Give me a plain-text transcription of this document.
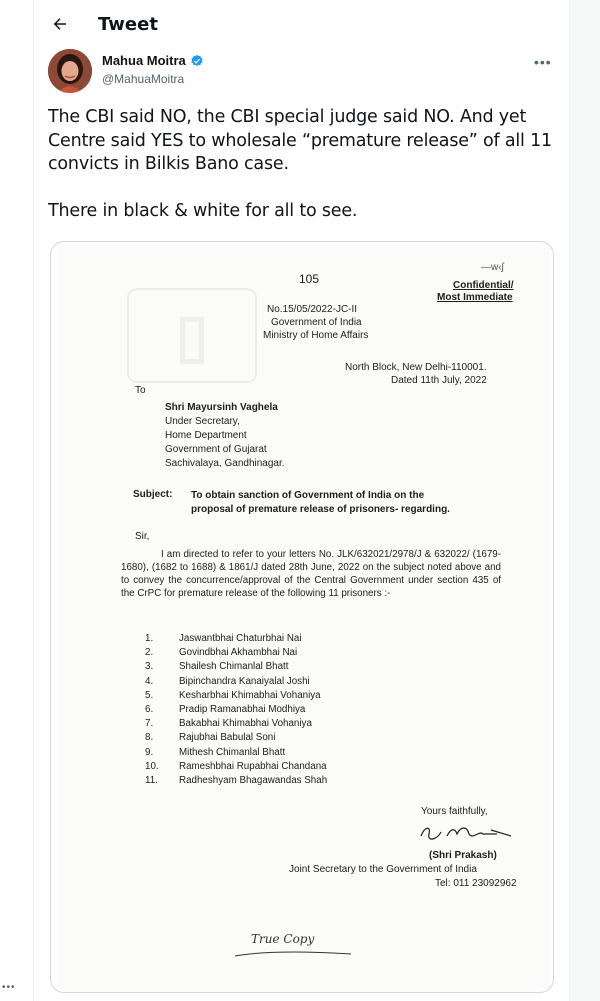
•••
Tweet
Mahua Moitra
@MahuaMoitra
•••

The CBI said NO, the CBI special judge said NO. And yet Centre said YES to wholesale “premature release” of all 11 convicts in Bilkis Bano case.

There in black & white for all to see.

▯
105
—w‹ʃ
Confidential/
Most Immediate
No.15/05/2022-JC-II
Government of India
Ministry of Home Affairs
North Block, New Delhi-110001.
Dated 11th July, 2022
To
Shri Mayursinh Vaghela
Under Secretary,
Home Department
Government of Gujarat
Sachivalaya, Gandhinagar.
Subject: To obtain sanction of Government of India on the
proposal of premature release of prisoners- regarding.
Sir,
I am directed to refer to your letters No. JLK/632021/2978/J & 632022/ (1679-1680), (1682 to 1688) & 1861/J dated 28th June, 2022 on the subject noted above and to convey the concurrence/approval of the Central Government under section 435 of the CrPC for premature release of the following 11 prisoners :-
1.	Jaswantbhai Chaturbhai Nai
2.	Govindbhai Akhambhai Nai
3.	Shailesh Chimanlal Bhatt
4.	Bipinchandra Kanaiyalal Joshi
5.	Kesharbhai Khimabhai Vohaniya
6.	Pradip Ramanabhai Modhiya
7.	Bakabhai Khimabhai Vohaniya
8.	Rajubhai Babulal Soni
9.	Mithesh Chimanlal Bhatt
10.	Rameshbhai Rupabhai Chandana
11.	Radheshyam Bhagawandas Shah
Yours faithfully,
(Shri Prakash)
Joint Secretary to the Government of India
Tel: 011 23092962
True Copy
